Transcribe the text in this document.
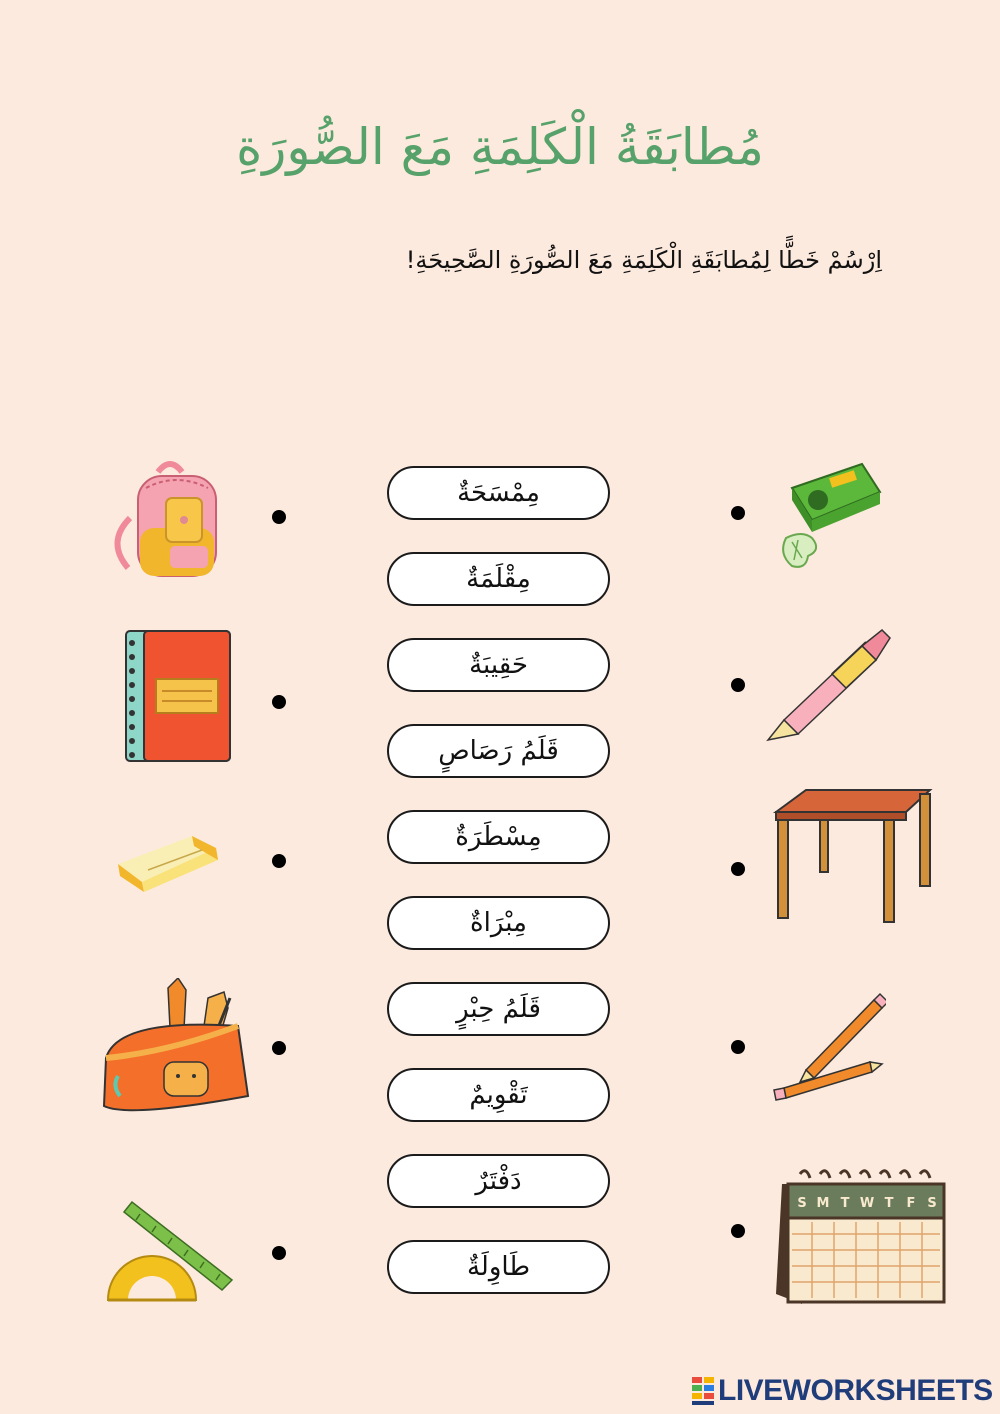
مُطابَقَةُ الْكَلِمَةِ مَعَ الصُّورَةِ
اِرْسُمْ خَطًّا لِمُطابَقَةِ الْكَلِمَةِ مَعَ الصُّورَةِ الصَّحِيحَةِ!
مِمْسَحَةٌ
مِقْلَمَةٌ
حَقِيبَةٌ
قَلَمُ رَصَاصٍ
مِسْطَرَةٌ
مِبْرَاةٌ
قَلَمُ حِبْرٍ
تَقْوِيمٌ
دَفْتَرٌ
طَاوِلَةٌ
S M T W T F S
LIVEWORKSHEETS
